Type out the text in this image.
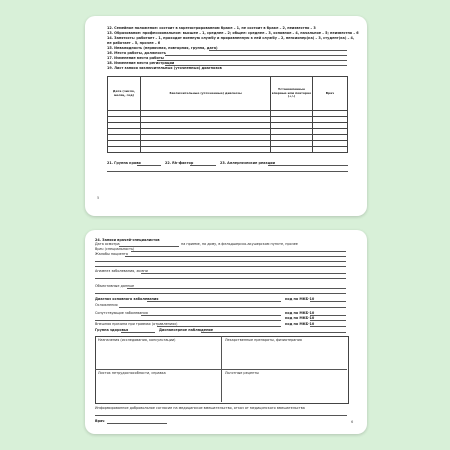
12. Семейное положение: состоит в зарегистрированном браке – 1, не состоит в браке – 2, неизвестно – 3
13. Образование: профессиональное: высшее – 1, среднее – 2; общее: среднее – 3, основное – 4, начальное – 5; неизвестно – 6
14. Занятость: работает – 1, проходит военную службу и приравненную к ней службу – 2, пенсионер(ка) – 3, студент(ка) – 4,
не работает – 5, прочее – 6
15. Инвалидность (первичная, повторная, группа, дата)
16. Место работы, должность
17. Изменение места работы
18. Изменение места регистрации
19. Лист записи заключительных (уточненных) диагнозов
Дата (число, месяц, год)	Заключительные (уточненные) диагнозы	Установленные впервые или повторно (+/-)	Врач

21. Группа крови	22. Rh-фактор	23. Аллергические реакции
5
24. Записи врачей-специалистов
Дата осмотра	на приеме, на дому, в фельдшерско-акушерском пункте, прочее
Врач (специальность)
Жалобы пациента
Анамнез заболевания, жизни
Объективные данные
Диагноз основного заболевания	код по МКБ-10
Осложнения
Сопутствующие заболевания	код по МКБ-10
код по МКБ-10
Внешняя причина при травмах (отравлениях)	код по МКБ-10
Группа здоровья	Диспансерное наблюдение
Назначения (исследования, консультации)	Лекарственные препараты, физиотерапия
Листок нетрудоспособности, справка	Льготные рецепты
Информированное добровольное согласие на медицинское вмешательство, отказ от медицинского вмешательства
Врач	6
